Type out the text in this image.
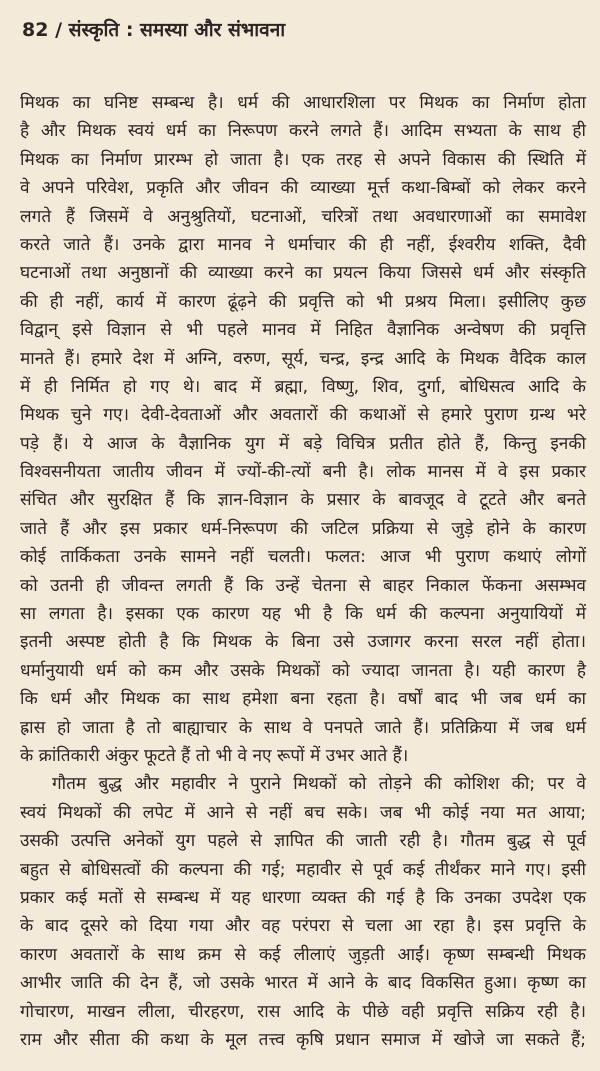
82 / संस्कृति : समस्या और संभावना
मिथक का घनिष्ट सम्बन्ध है। धर्म की आधारशिला पर मिथक का निर्माण होता
है और मिथक स्वयं धर्म का निरूपण करने लगते हैं। आदिम सभ्यता के साथ ही
मिथक का निर्माण प्रारम्भ हो जाता है। एक तरह से अपने विकास की स्थिति में
वे अपने परिवेश, प्रकृति और जीवन की व्याख्या मूर्त्त कथा-बिम्बों को लेकर करने
लगते हैं जिसमें वे अनुश्रुतियों, घटनाओं, चरित्रों तथा अवधारणाओं का समावेश
करते जाते हैं। उनके द्वारा मानव ने धर्माचार की ही नहीं, ईश्वरीय शक्ति, दैवी
घटनाओं तथा अनुष्ठानों की व्याख्या करने का प्रयत्न किया जिससे धर्म और संस्कृति
की ही नहीं, कार्य में कारण ढूंढ़ने की प्रवृत्ति को भी प्रश्रय मिला। इसीलिए कुछ
विद्वान् इसे विज्ञान से भी पहले मानव में निहित वैज्ञानिक अन्वेषण की प्रवृत्ति
मानते हैं। हमारे देश में अग्नि, वरुण, सूर्य, चन्द्र, इन्द्र आदि के मिथक वैदिक काल
में ही निर्मित हो गए थे। बाद में ब्रह्मा, विष्णु, शिव, दुर्गा, बोधिसत्व आदि के
मिथक चुने गए। देवी-देवताओं और अवतारों की कथाओं से हमारे पुराण ग्रन्थ भरे
पड़े हैं। ये आज के वैज्ञानिक युग में बड़े विचित्र प्रतीत होते हैं, किन्तु इनकी
विश्वसनीयता जातीय जीवन में ज्यों-की-त्यों बनी है। लोक मानस में वे इस प्रकार
संचित और सुरक्षित हैं कि ज्ञान-विज्ञान के प्रसार के बावजूद वे टूटते और बनते
जाते हैं और इस प्रकार धर्म-निरूपण की जटिल प्रक्रिया से जुड़े होने के कारण
कोई तार्किकता उनके सामने नहीं चलती। फलत: आज भी पुराण कथाएं लोगों
को उतनी ही जीवन्त लगती हैं कि उन्हें चेतना से बाहर निकाल फेंकना असम्भव
सा लगता है। इसका एक कारण यह भी है कि धर्म की कल्पना अनुयायियों में
इतनी अस्पष्ट होती है कि मिथक के बिना उसे उजागर करना सरल नहीं होता।
धर्मानुयायी धर्म को कम और उसके मिथकों को ज्यादा जानता है। यही कारण है
कि धर्म और मिथक का साथ हमेशा बना रहता है। वर्षों बाद भी जब धर्म का
ह्रास हो जाता है तो बाह्याचार के साथ वे पनपते जाते हैं। प्रतिक्रिया में जब धर्म
के क्रांतिकारी अंकुर फूटते हैं तो भी वे नए रूपों में उभर आते हैं।
गौतम बुद्ध और महावीर ने पुराने मिथकों को तोड़ने की कोशिश की; पर वे
स्वयं मिथकों की लपेट में आने से नहीं बच सके। जब भी कोई नया मत आया;
उसकी उत्पत्ति अनेकों युग पहले से ज्ञापित की जाती रही है। गौतम बुद्ध से पूर्व
बहुत से बोधिसत्वों की कल्पना की गई; महावीर से पूर्व कई तीर्थंकर माने गए। इसी
प्रकार कई मतों से सम्बन्ध में यह धारणा व्यक्त की गई है कि उनका उपदेश एक
के बाद दूसरे को दिया गया और वह परंपरा से चला आ रहा है। इस प्रवृत्ति के
कारण अवतारों के साथ क्रम से कई लीलाएं जुड़ती आईं। कृष्ण सम्बन्धी मिथक
आभीर जाति की देन हैं, जो उसके भारत में आने के बाद विकसित हुआ। कृष्ण का
गोचारण, माखन लीला, चीरहरण, रास आदि के पीछे वही प्रवृत्ति सक्रिय रही है।
राम और सीता की कथा के मूल तत्त्व कृषि प्रधान समाज में खोजे जा सकते हैं;
